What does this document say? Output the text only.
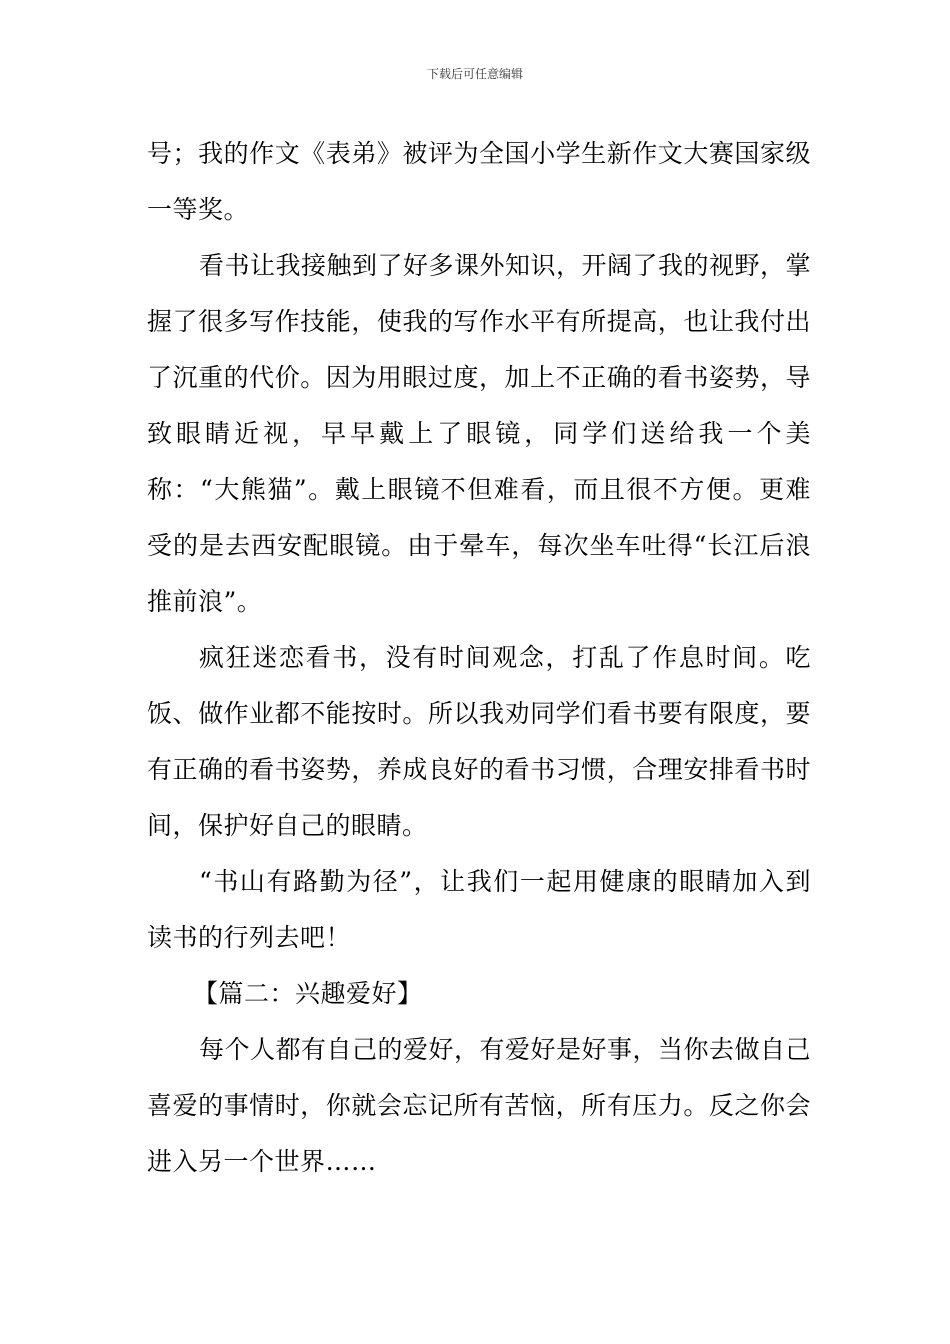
下载后可任意编辑

号；我的作文《表弟》被评为全国小学生新作文大赛国家级一等奖。

看书让我接触到了好多课外知识，开阔了我的视野，掌握了很多写作技能，使我的写作水平有所提高，也让我付出了沉重的代价。因为用眼过度，加上不正确的看书姿势，导致眼睛近视，早早戴上了眼镜，同学们送给我一个美称：“大熊猫”。戴上眼镜不但难看，而且很不方便。更难受的是去西安配眼镜。由于晕车，每次坐车吐得“长江后浪推前浪”。

疯狂迷恋看书，没有时间观念，打乱了作息时间。吃饭、做作业都不能按时。所以我劝同学们看书要有限度，要有正确的看书姿势，养成良好的看书习惯，合理安排看书时间，保护好自己的眼睛。

“书山有路勤为径”，让我们一起用健康的眼睛加入到读书的行列去吧！

【篇二：兴趣爱好】

每个人都有自己的爱好，有爱好是好事，当你去做自己喜爱的事情时，你就会忘记所有苦恼，所有压力。反之你会进入另一个世界……
